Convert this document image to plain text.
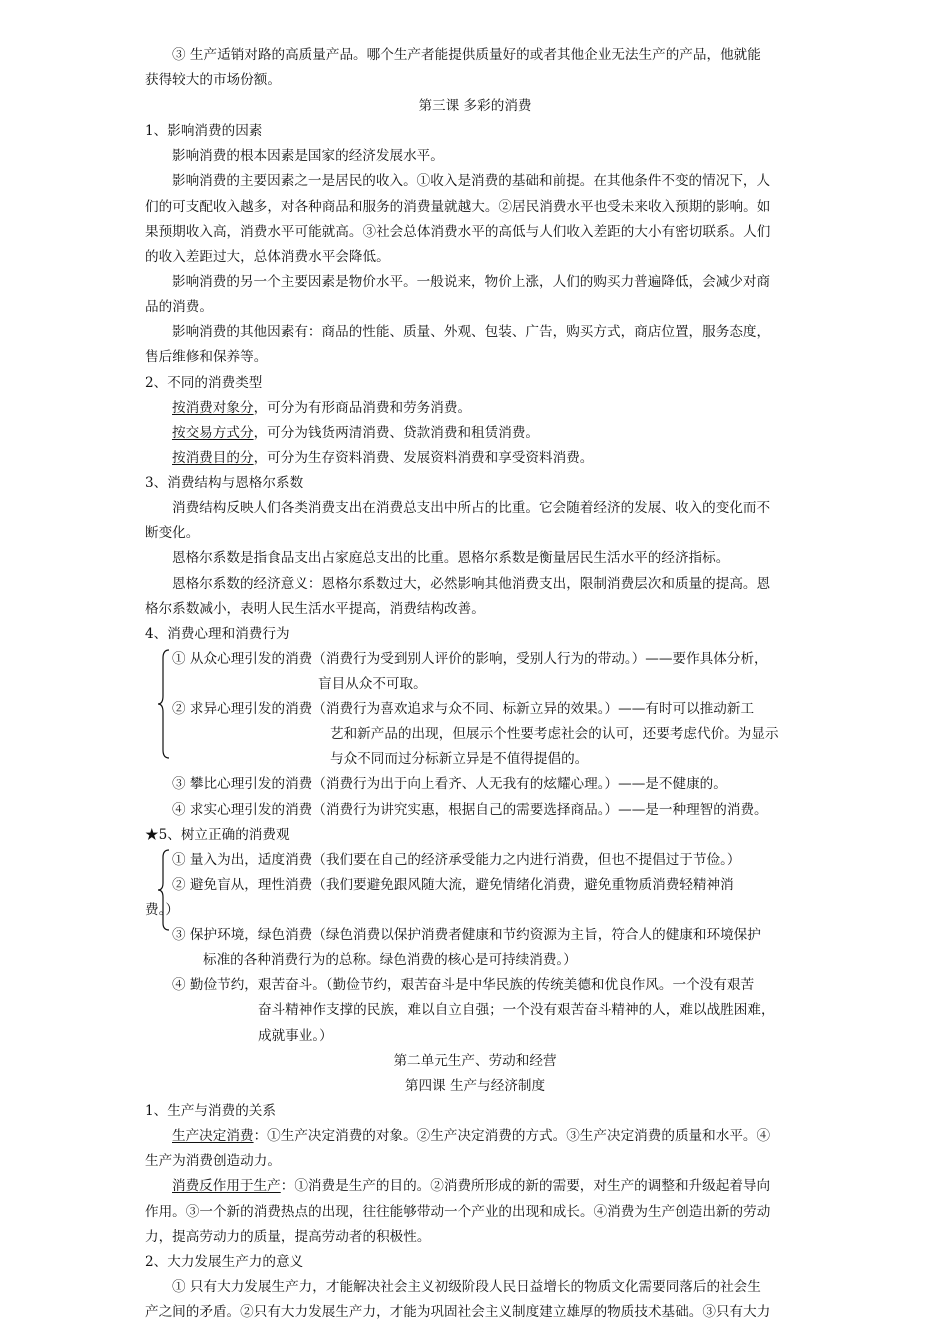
③ 生产适销对路的高质量产品。哪个生产者能提供质量好的或者其他企业无法生产的产品，他就能
获得较大的市场份额。
第三课 多彩的消费
1、影响消费的因素
影响消费的根本因素是国家的经济发展水平。
影响消费的主要因素之一是居民的收入。①收入是消费的基础和前提。在其他条件不变的情况下，人
们的可支配收入越多，对各种商品和服务的消费量就越大。②居民消费水平也受未来收入预期的影响。如
果预期收入高，消费水平可能就高。③社会总体消费水平的高低与人们收入差距的大小有密切联系。人们
的收入差距过大，总体消费水平会降低。
影响消费的另一个主要因素是物价水平。一般说来，物价上涨，人们的购买力普遍降低，会减少对商
品的消费。
影响消费的其他因素有：商品的性能、质量、外观、包装、广告，购买方式，商店位置，服务态度，
售后维修和保养等。
2、不同的消费类型
按消费对象分，可分为有形商品消费和劳务消费。
按交易方式分，可分为钱货两清消费、贷款消费和租赁消费。
按消费目的分，可分为生存资料消费、发展资料消费和享受资料消费。
3、消费结构与恩格尔系数
消费结构反映人们各类消费支出在消费总支出中所占的比重。它会随着经济的发展、收入的变化而不
断变化。
恩格尔系数是指食品支出占家庭总支出的比重。恩格尔系数是衡量居民生活水平的经济指标。
恩格尔系数的经济意义：恩格尔系数过大，必然影响其他消费支出，限制消费层次和质量的提高。恩
格尔系数减小，表明人民生活水平提高，消费结构改善。
4、消费心理和消费行为
① 从众心理引发的消费（消费行为受到别人评价的影响，受别人行为的带动。）——要作具体分析，
盲目从众不可取。
② 求异心理引发的消费（消费行为喜欢追求与众不同、标新立异的效果。）——有时可以推动新工
艺和新产品的出现，但展示个性要考虑社会的认可，还要考虑代价。为显示
与众不同而过分标新立异是不值得提倡的。
③ 攀比心理引发的消费（消费行为出于向上看齐、人无我有的炫耀心理。）——是不健康的。
④ 求实心理引发的消费（消费行为讲究实惠，根据自己的需要选择商品。）——是一种理智的消费。
★5、树立正确的消费观
① 量入为出，适度消费（我们要在自己的经济承受能力之内进行消费，但也不提倡过于节俭。）
② 避免盲从，理性消费（我们要避免跟风随大流，避免情绪化消费，避免重物质消费轻精神消
费。）
③ 保护环境，绿色消费（绿色消费以保护消费者健康和节约资源为主旨，符合人的健康和环境保护
标准的各种消费行为的总称。绿色消费的核心是可持续消费。）
④ 勤俭节约，艰苦奋斗。（勤俭节约，艰苦奋斗是中华民族的传统美德和优良作风。一个没有艰苦
奋斗精神作支撑的民族，难以自立自强；一个没有艰苦奋斗精神的人，难以战胜困难，
成就事业。）
第二单元生产、劳动和经营
第四课 生产与经济制度
1、生产与消费的关系
生产决定消费：①生产决定消费的对象。②生产决定消费的方式。③生产决定消费的质量和水平。④
生产为消费创造动力。
消费反作用于生产：①消费是生产的目的。②消费所形成的新的需要，对生产的调整和升级起着导向
作用。③一个新的消费热点的出现，往往能够带动一个产业的出现和成长。④消费为生产创造出新的劳动
力，提高劳动力的质量，提高劳动者的积极性。
2、大力发展生产力的意义
① 只有大力发展生产力，才能解决社会主义初级阶段人民日益增长的物质文化需要同落后的社会生
产之间的矛盾。②只有大力发展生产力，才能为巩固社会主义制度建立雄厚的物质技术基础。③只有大力
